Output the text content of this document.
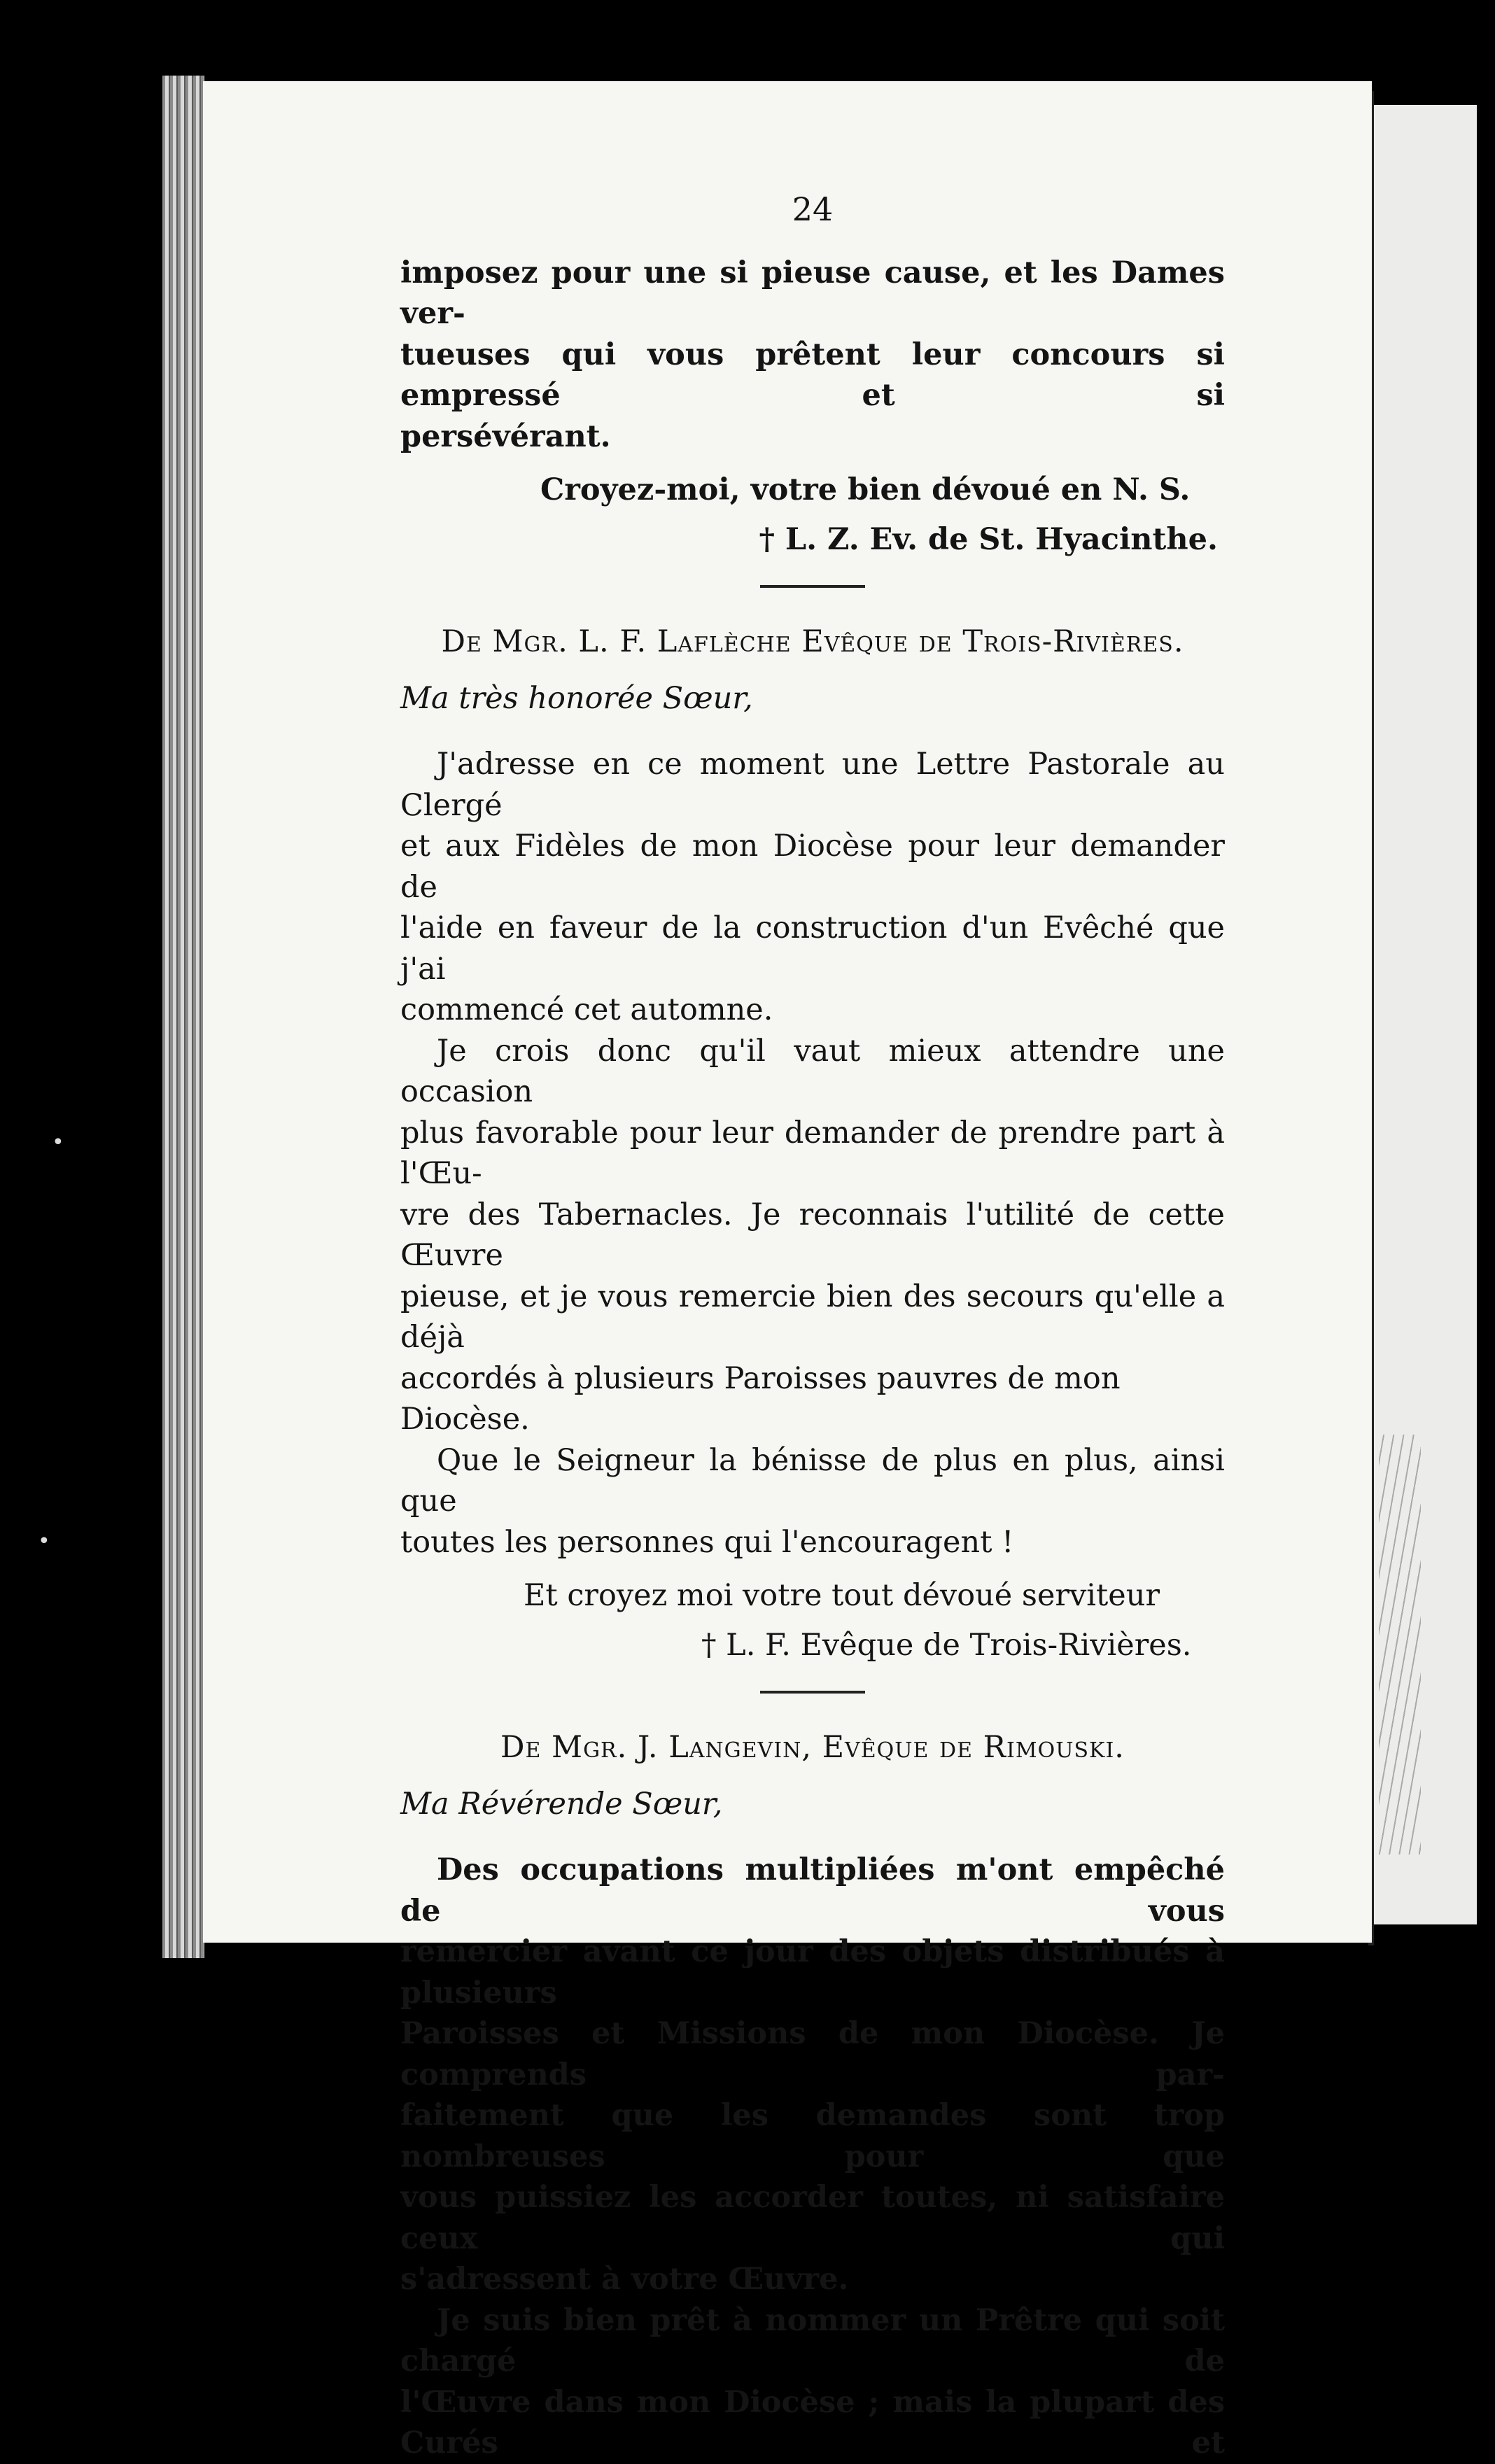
•
•
24
imposez pour une si pieuse cause, et les Dames ver-
tueuses qui vous prêtent leur concours si empressé et si
persévérant.
Croyez-moi, votre bien dévoué en N. S.
† L. Z. Ev. de St. Hyacinthe.
De Mgr. L. F. Laflèche Evêque de Trois-Rivières.
Ma très honorée Sœur,
J'adresse en ce moment une Lettre Pastorale au Clergé
et aux Fidèles de mon Diocèse pour leur demander de
l'aide en faveur de la construction d'un Evêché que j'ai
commencé cet automne.
Je crois donc qu'il vaut mieux attendre une occasion
plus favorable pour leur demander de prendre part à l'Œu-
vre des Tabernacles. Je reconnais l'utilité de cette Œuvre
pieuse, et je vous remercie bien des secours qu'elle a déjà
accordés à plusieurs Paroisses pauvres de mon Diocèse.
Que le Seigneur la bénisse de plus en plus, ainsi que
toutes les personnes qui l'encouragent !
Et croyez moi votre tout dévoué serviteur
† L. F. Evêque de Trois-Rivières.
De Mgr. J. Langevin, Evêque de Rimouski.
Ma Révérende Sœur,
Des occupations multipliées m'ont empêché de vous
remercier avant ce jour des objets distribués à plusieurs
Paroisses et Missions de mon Diocèse. Je comprends par-
faitement que les demandes sont trop nombreuses pour que
vous puissiez les accorder toutes, ni satisfaire ceux qui
s'adressent à votre Œuvre.
Je suis bien prêt à nommer un Prêtre qui soit chargé de
l'Œuvre dans mon Diocèse ; mais la plupart des Curés et
